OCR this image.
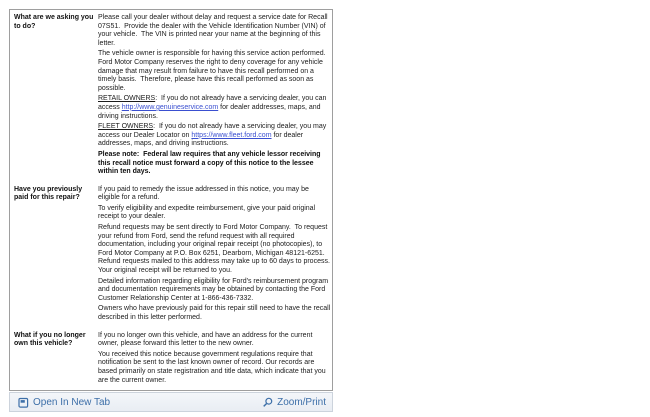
What are we asking you to do?	Please call your dealer without delay and request a service date for Recall 07S51.  Provide the dealer with the Vehicle Identification Number (VIN) of your vehicle.  The VIN is printed near your name at the beginning of this letter.

The vehicle owner is responsible for having this service action performed. Ford Motor Company reserves the right to deny coverage for any vehicle damage that may result from failure to have this recall performed on a timely basis.  Therefore, please have this recall performed as soon as possible.

RETAIL OWNERS:  If you do not already have a servicing dealer, you can access http://www.genuineservice.com for dealer addresses, maps, and driving instructions.

FLEET OWNERS:  If you do not already have a servicing dealer, you may access our Dealer Locator on https://www.fleet.ford.com for dealer addresses, maps, and driving instructions.

Please note:  Federal law requires that any vehicle lessor receiving this recall notice must forward a copy of this notice to the lessee within ten days.

Have you previously paid for this repair?	If you paid to remedy the issue addressed in this notice, you may be eligible for a refund.

To verify eligibility and expedite reimbursement, give your paid original receipt to your dealer.

Refund requests may be sent directly to Ford Motor Company.  To request your refund from Ford, send the refund request with all required documentation, including your original repair receipt (no photocopies), to Ford Motor Company at P.O. Box 6251, Dearborn, Michigan 48121-6251.  Refund requests mailed to this address may take up to 60 days to process.  Your original receipt will be returned to you.

Detailed information regarding eligibility for Ford's reimbursement program and documentation requirements may be obtained by contacting the Ford Customer Relationship Center at 1-866-436-7332.

Owners who have previously paid for this repair still need to have the recall described in this letter performed.

What if you no longer own this vehicle?	If you no longer own this vehicle, and have an address for the current owner, please forward this letter to the new owner.

You received this notice because government regulations require that notification be sent to the last known owner of record. Our records are based primarily on state registration and title data, which indicate that you are the current owner.

Open In New Tab	Zoom/Print
